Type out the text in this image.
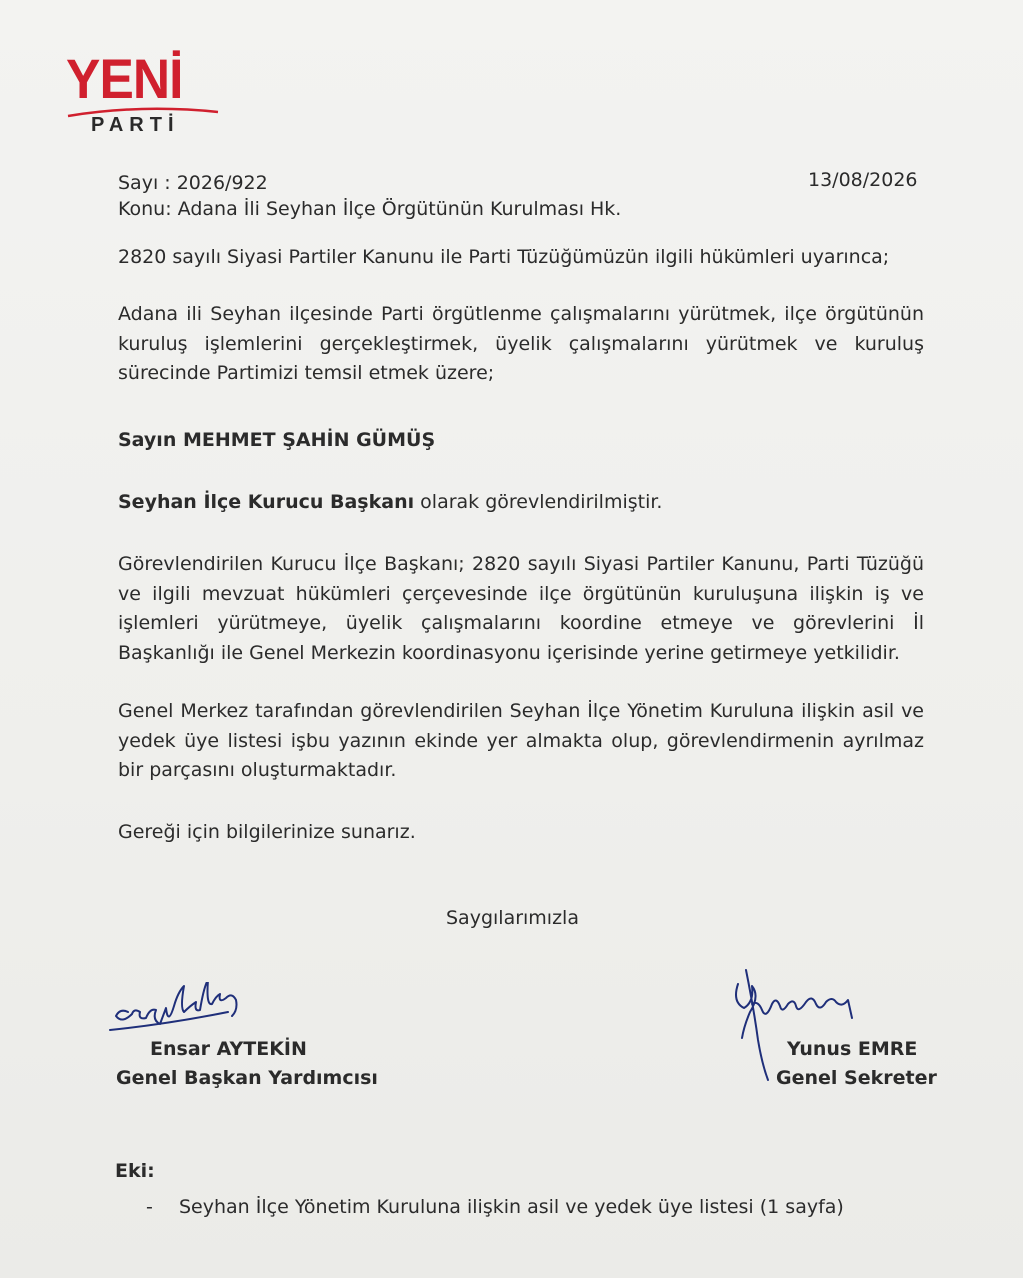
YENİ
PARTİ
Sayı : 2026/922	13/08/2026
Konu: Adana İli Seyhan İlçe Örgütünün Kurulması Hk.
2820 sayılı Siyasi Partiler Kanunu ile Parti Tüzüğümüzün ilgili hükümleri uyarınca;
Adana ili Seyhan ilçesinde Parti örgütlenme çalışmalarını yürütmek, ilçe örgütünün kuruluş işlemlerini gerçekleştirmek, üyelik çalışmalarını yürütmek ve kuruluş sürecinde Partimizi temsil etmek üzere;
Sayın MEHMET ŞAHİN GÜMÜŞ
Seyhan İlçe Kurucu Başkanı olarak görevlendirilmiştir.
Görevlendirilen Kurucu İlçe Başkanı; 2820 sayılı Siyasi Partiler Kanunu, Parti Tüzüğü ve ilgili mevzuat hükümleri çerçevesinde ilçe örgütünün kuruluşuna ilişkin iş ve işlemleri yürütmeye, üyelik çalışmalarını koordine etmeye ve görevlerini İl Başkanlığı ile Genel Merkezin koordinasyonu içerisinde yerine getirmeye yetkilidir.
Genel Merkez tarafından görevlendirilen Seyhan İlçe Yönetim Kuruluna ilişkin asil ve yedek üye listesi işbu yazının ekinde yer almakta olup, görevlendirmenin ayrılmaz bir parçasını oluşturmaktadır.
Gereği için bilgilerinize sunarız.
Saygılarımızla
Ensar AYTEKİN
Genel Başkan Yardımcısı
Yunus EMRE
Genel Sekreter
Eki:
- Seyhan İlçe Yönetim Kuruluna ilişkin asil ve yedek üye listesi (1 sayfa)
